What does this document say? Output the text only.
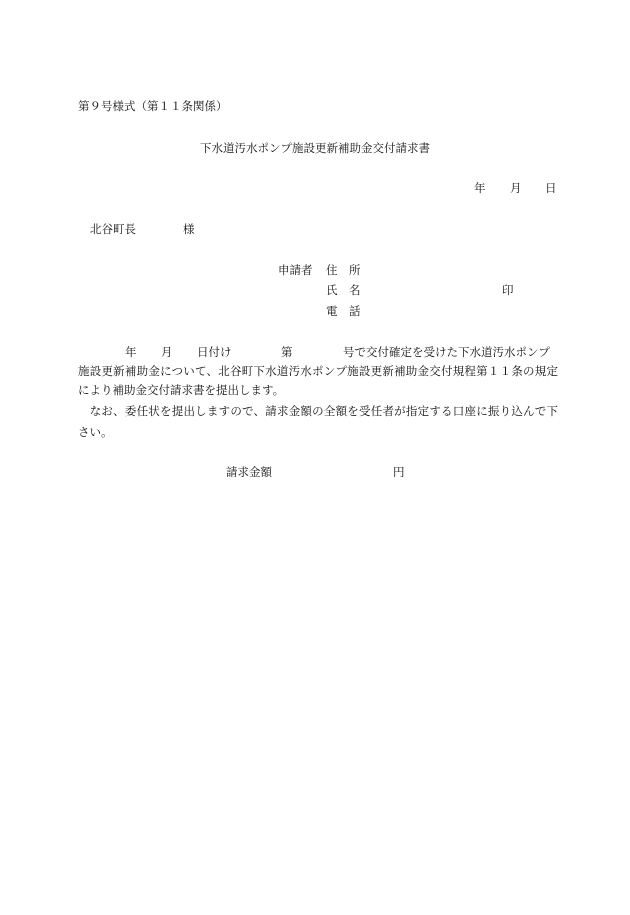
第９号様式（第１１条関係）
下水道汚水ポンプ施設更新補助金交付請求書
年 月 日
北谷町長	様
申請者 住　所
氏　名	印
電　話
年 月 日付け	第	号で交付確定を受けた下水道汚水ポンプ
施設更新補助金について、北谷町下水道汚水ポンプ施設更新補助金交付規程第１１条の規定
により補助金交付請求書を提出します。
　なお、委任状を提出しますので、請求金額の全額を受任者が指定する口座に振り込んで下
さい。
請求金額	円
